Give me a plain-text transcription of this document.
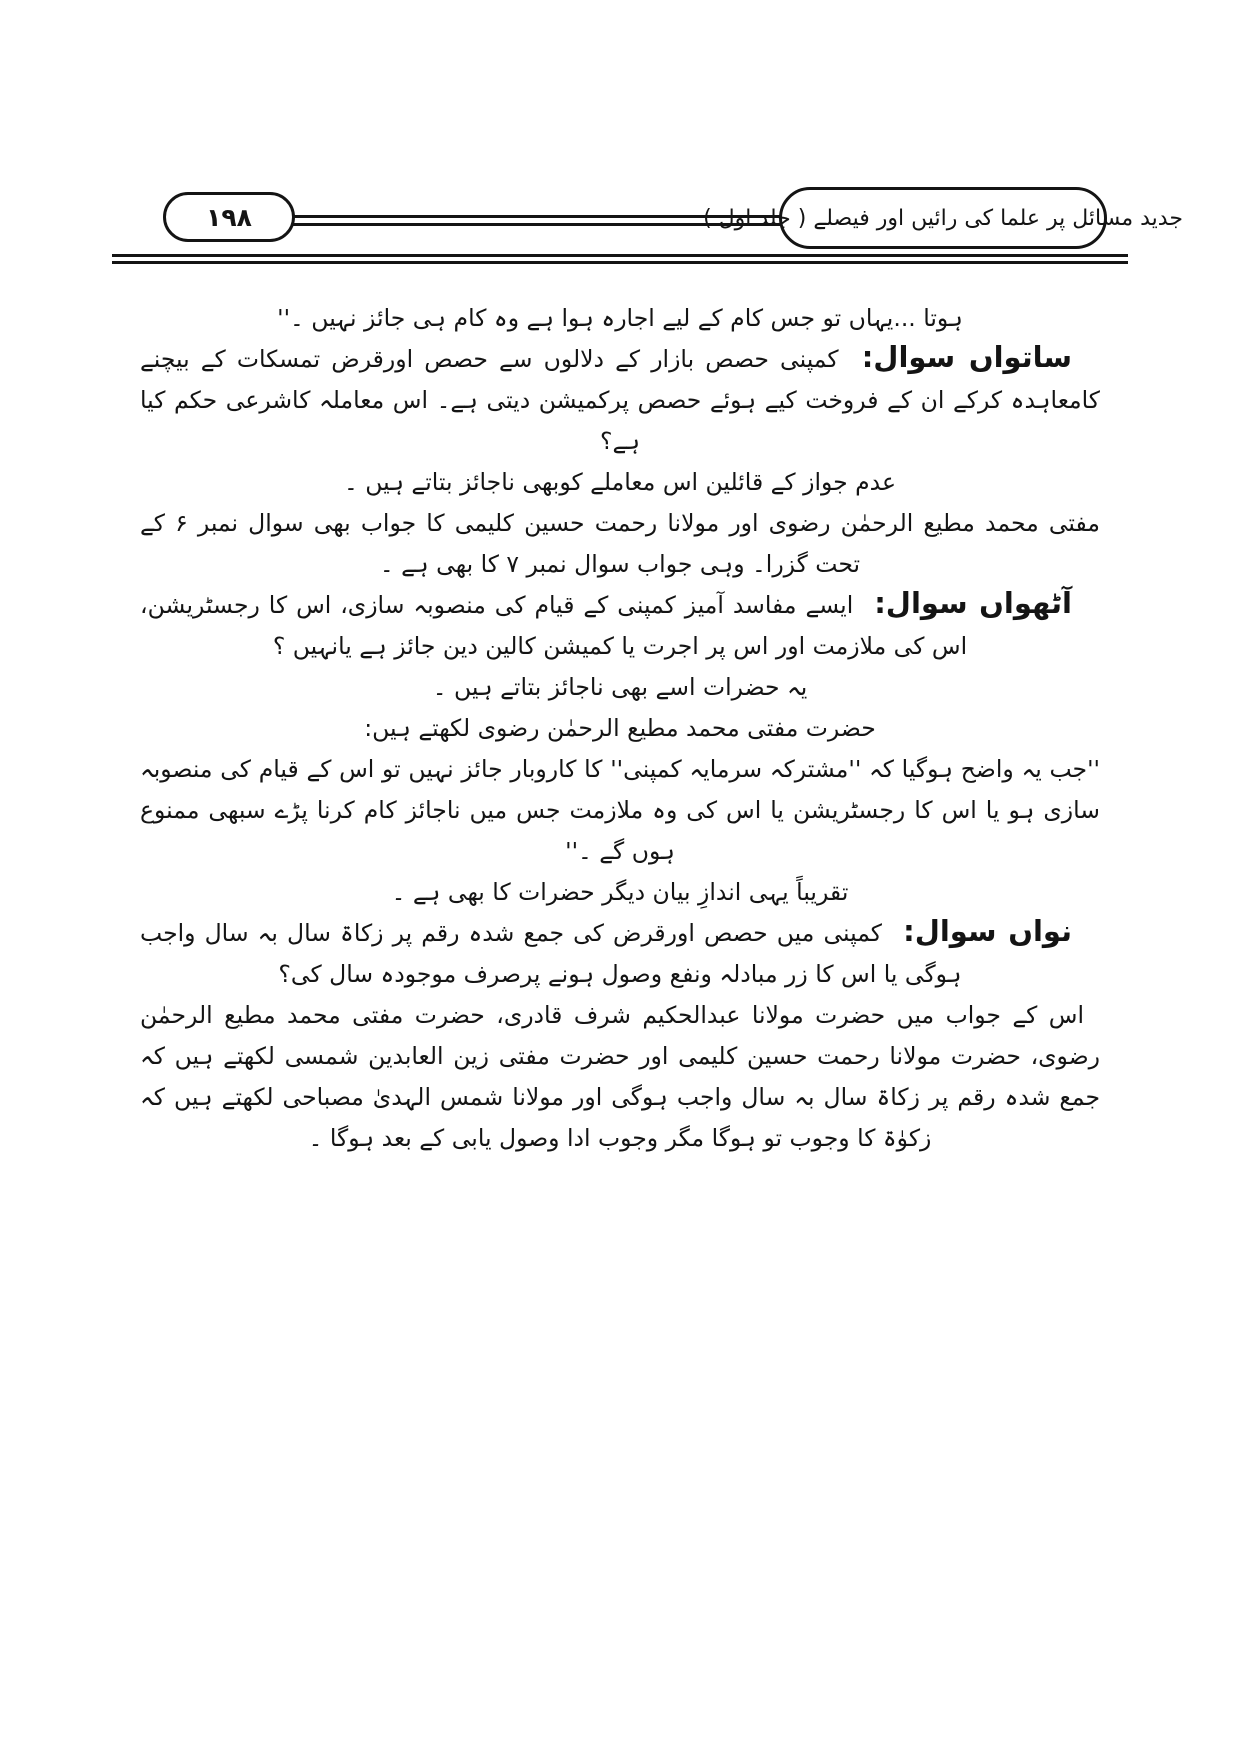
۱۹۸	جدید مسائل پر علما کی رائیں اور فیصلے ( جلد اول )

ہوتا ...یہاں تو جس کام کے لیے اجارہ ہوا ہے وہ کام ہی جائز نہیں ۔''

ساتواں سوال: کمپنی حصص بازار کے دلالوں سے حصص اورقرض تمسکات کے بیچنے کامعاہدہ کرکے ان کے فروخت کیے ہوئے حصص پرکمیشن دیتی ہے۔ اس معاملہ کاشرعی حکم کیا ہے؟

عدم جواز کے قائلین اس معاملے کوبھی ناجائز بتاتے ہیں ۔

مفتی محمد مطیع الرحمٰن رضوی اور مولانا رحمت حسین کلیمی کا جواب بھی سوال نمبر ۶ کے تحت گزرا۔ وہی جواب سوال نمبر ۷ کا بھی ہے ۔

آٹھواں سوال: ایسے مفاسد آمیز کمپنی کے قیام کی منصوبہ سازی، اس کا رجسٹریشن، اس کی ملازمت اور اس پر اجرت یا کمیشن کالین دین جائز ہے یانہیں ؟

یہ حضرات اسے بھی ناجائز بتاتے ہیں ۔

حضرت مفتی محمد مطیع الرحمٰن رضوی لکھتے ہیں:

''جب یہ واضح ہوگیا کہ ''مشترکہ سرمایہ کمپنی'' کا کاروبار جائز نہیں تو اس کے قیام کی منصوبہ سازی ہو یا اس کا رجسٹریشن یا اس کی وہ ملازمت جس میں ناجائز کام کرنا پڑے سبھی ممنوع ہوں گے ۔''

تقریباً یہی اندازِ بیان دیگر حضرات کا بھی ہے ۔

نواں سوال: کمپنی میں حصص اورقرض کی جمع شدہ رقم پر زکاۃ سال بہ سال واجب ہوگی یا اس کا زر مبادلہ ونفع وصول ہونے پرصرف موجودہ سال کی؟

اس کے جواب میں حضرت مولانا عبدالحکیم شرف قادری، حضرت مفتی محمد مطیع الرحمٰن رضوی، حضرت مولانا رحمت حسین کلیمی اور حضرت مفتی زین العابدین شمسی لکھتے ہیں کہ جمع شدہ رقم پر زکاۃ سال بہ سال واجب ہوگی اور مولانا شمس الہدیٰ مصباحی لکھتے ہیں کہ زکوٰۃ کا وجوب تو ہوگا مگر وجوب ادا وصول یابی کے بعد ہوگا ۔
